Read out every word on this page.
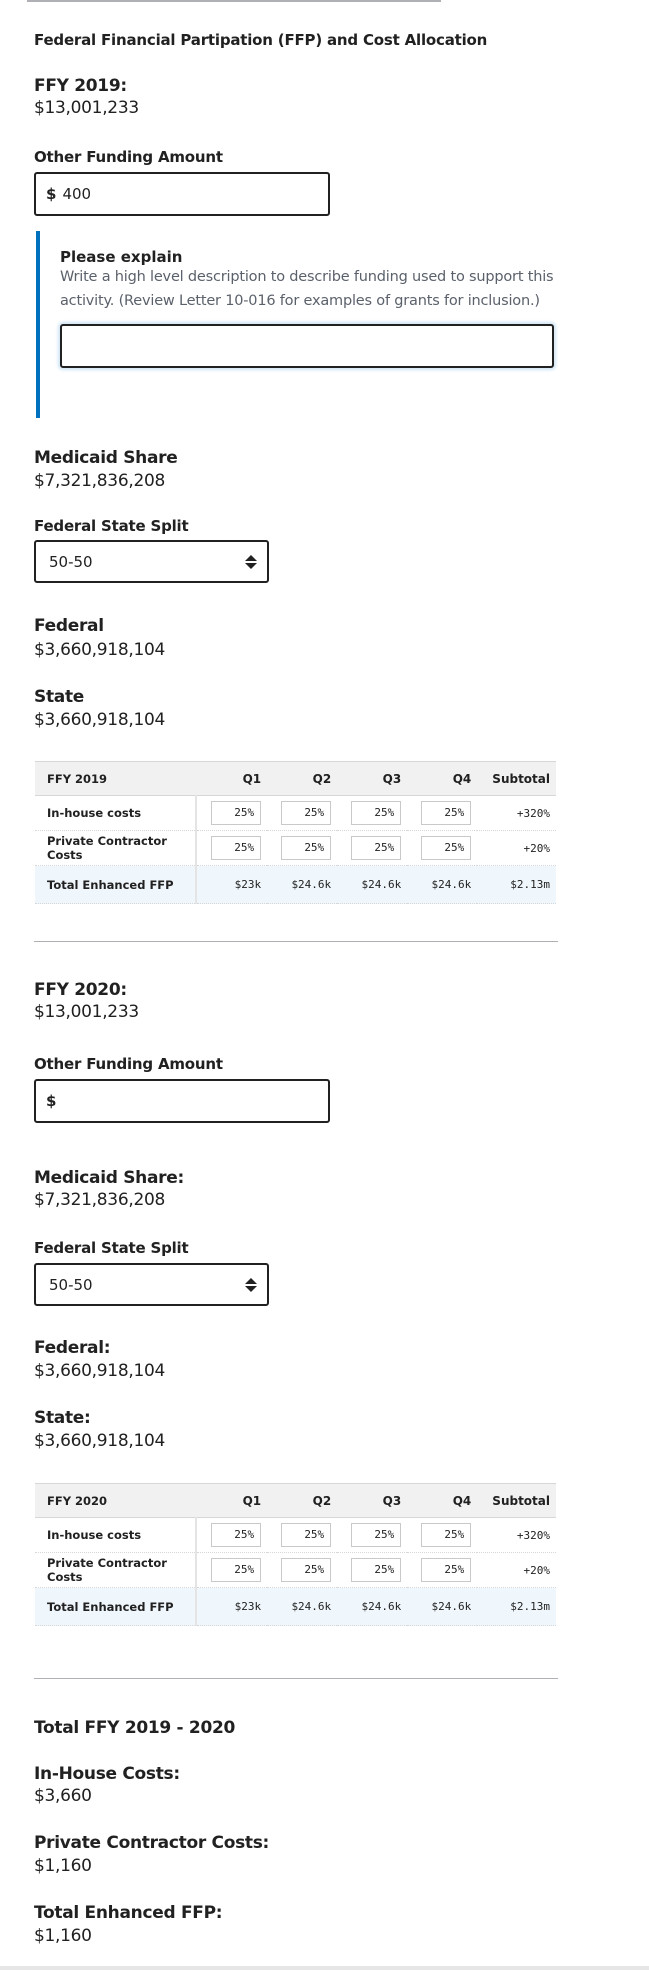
Federal Financial Partipation (FFP) and Cost Allocation
FFY 2019:
$13,001,233
Other Funding Amount
$ 400
Please explain
Write a high level description to describe funding used to support this activity. (Review Letter 10-016 for examples of grants for inclusion.)
Medicaid Share
$7,321,836,208
Federal State Split
50-50
Federal
$3,660,918,104
State
$3,660,918,104
FFY 2019	Q1	Q2	Q3	Q4	Subtotal
In-house costs	25%	25%	25%	25%	+320%
Private Contractor Costs	25%	25%	25%	25%	+20%
Total Enhanced FFP	$23k	$24.6k	$24.6k	$24.6k	$2.13m
FFY 2020:
$13,001,233
Other Funding Amount
$
Medicaid Share:
$7,321,836,208
Federal State Split
50-50
Federal:
$3,660,918,104
State:
$3,660,918,104
FFY 2020	Q1	Q2	Q3	Q4	Subtotal
In-house costs	25%	25%	25%	25%	+320%
Private Contractor Costs	25%	25%	25%	25%	+20%
Total Enhanced FFP	$23k	$24.6k	$24.6k	$24.6k	$2.13m
Total FFY 2019 - 2020
In-House Costs:
$3,660
Private Contractor Costs:
$1,160
Total Enhanced FFP:
$1,160
